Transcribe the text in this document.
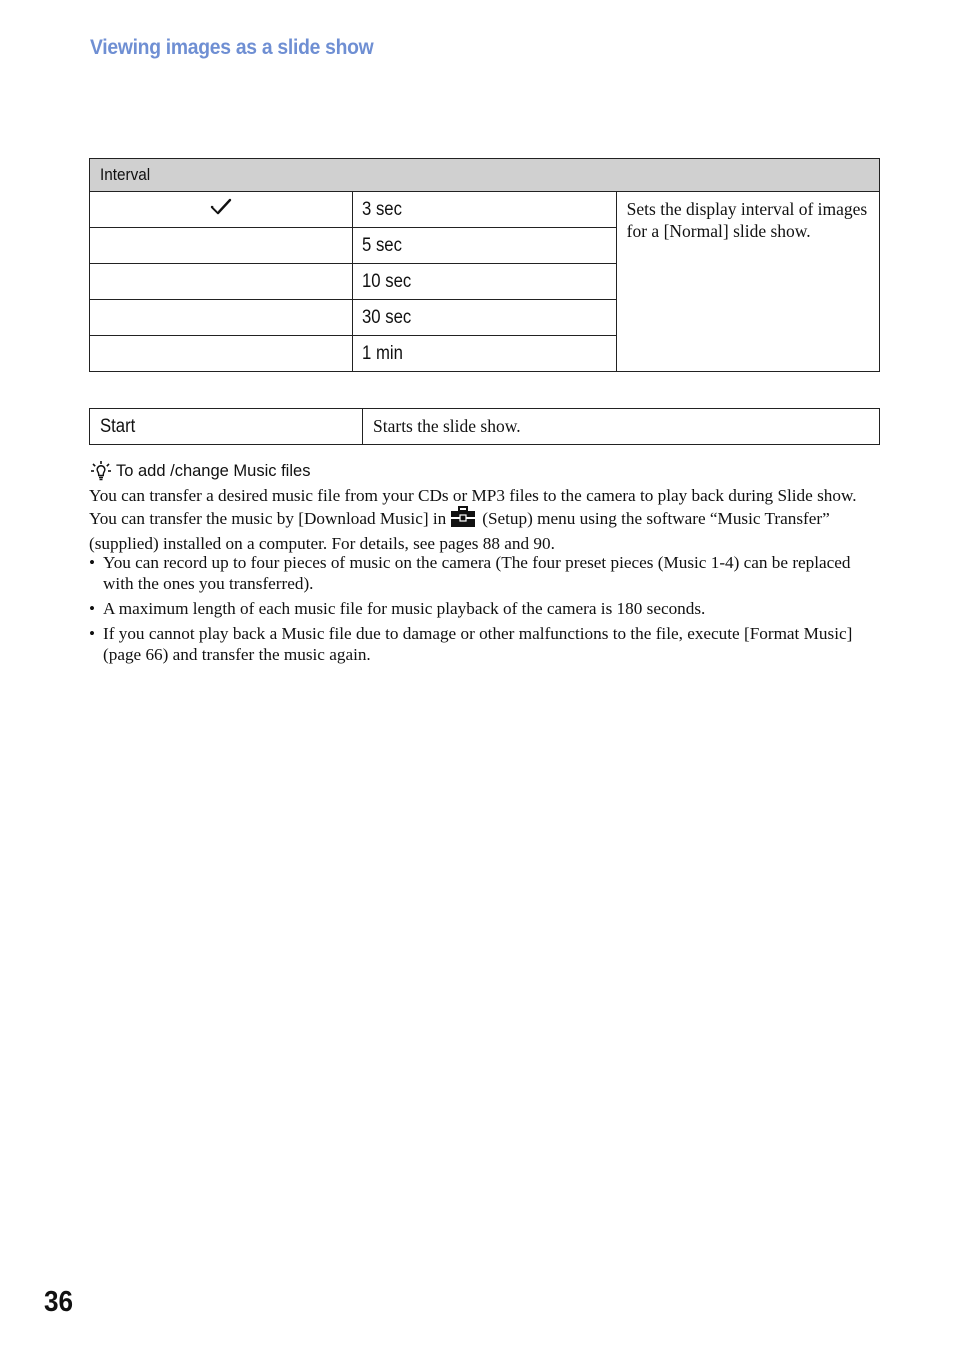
Viewing images as a slide show
Interval		
	3 sec	Sets the display interval of images for a [Normal] slide show.
	5 sec	
	10 sec	
	30 sec	
	1 min	
Start	Starts the slide show.
To add /change Music files

You can transfer a desired music file from your CDs or MP3 files to the camera to play back during Slide show. You can transfer the music by [Download Music] in (Setup) menu using the software “Music Transfer” (supplied) installed on a computer. For details, see pages 88 and 90.

• You can record up to four pieces of music on the camera (The four preset pieces (Music 1-4) can be replaced with the ones you transferred).
• A maximum length of each music file for music playback of the camera is 180 seconds.
• If you cannot play back a Music file due to damage or other malfunctions to the file, execute [Format Music] (page 66) and transfer the music again.
36
